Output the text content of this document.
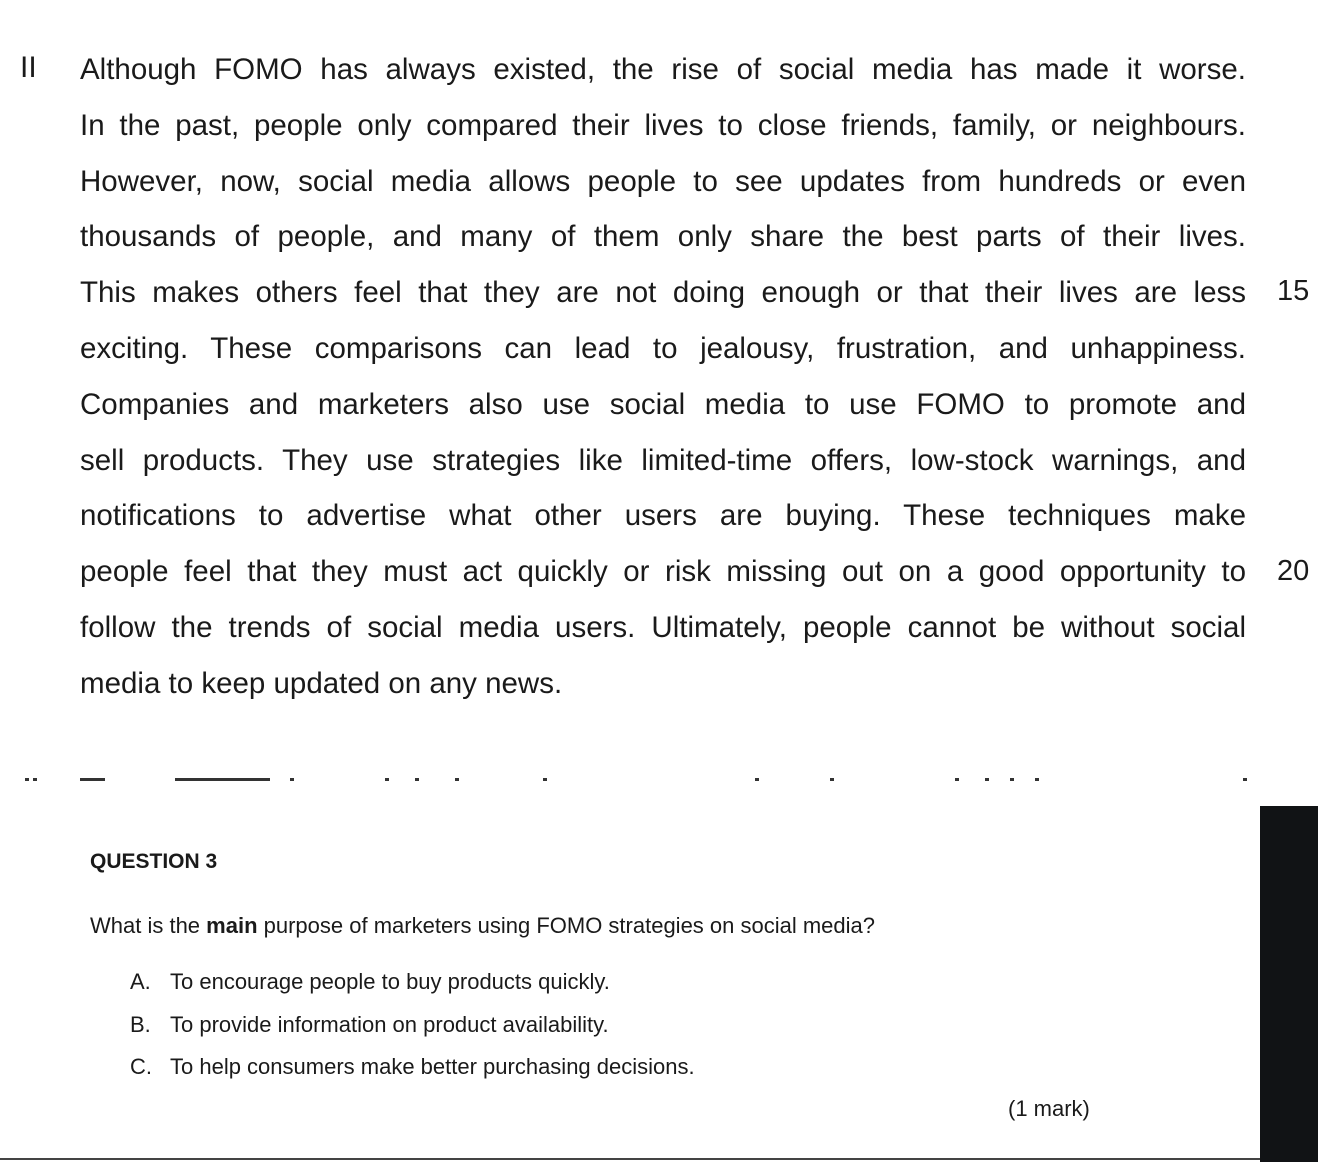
II Although FOMO has always existed, the rise of social media has made it worse.
In the past, people only compared their lives to close friends, family, or neighbours.
However, now, social media allows people to see updates from hundreds or even
thousands of people, and many of them only share the best parts of their lives.
This makes others feel that they are not doing enough or that their lives are less
exciting. These comparisons can lead to jealousy, frustration, and unhappiness.
Companies and marketers also use social media to use FOMO to promote and
sell products. They use strategies like limited-time offers, low-stock warnings, and
notifications to advertise what other users are buying. These techniques make
people feel that they must act quickly or risk missing out on a good opportunity to
follow the trends of social media users. Ultimately, people cannot be without social
media to keep updated on any news.
15
20
QUESTION 3
What is the main purpose of marketers using FOMO strategies on social media?
A. To encourage people to buy products quickly.
B. To provide information on product availability.
C. To help consumers make better purchasing decisions.
(1 mark)
